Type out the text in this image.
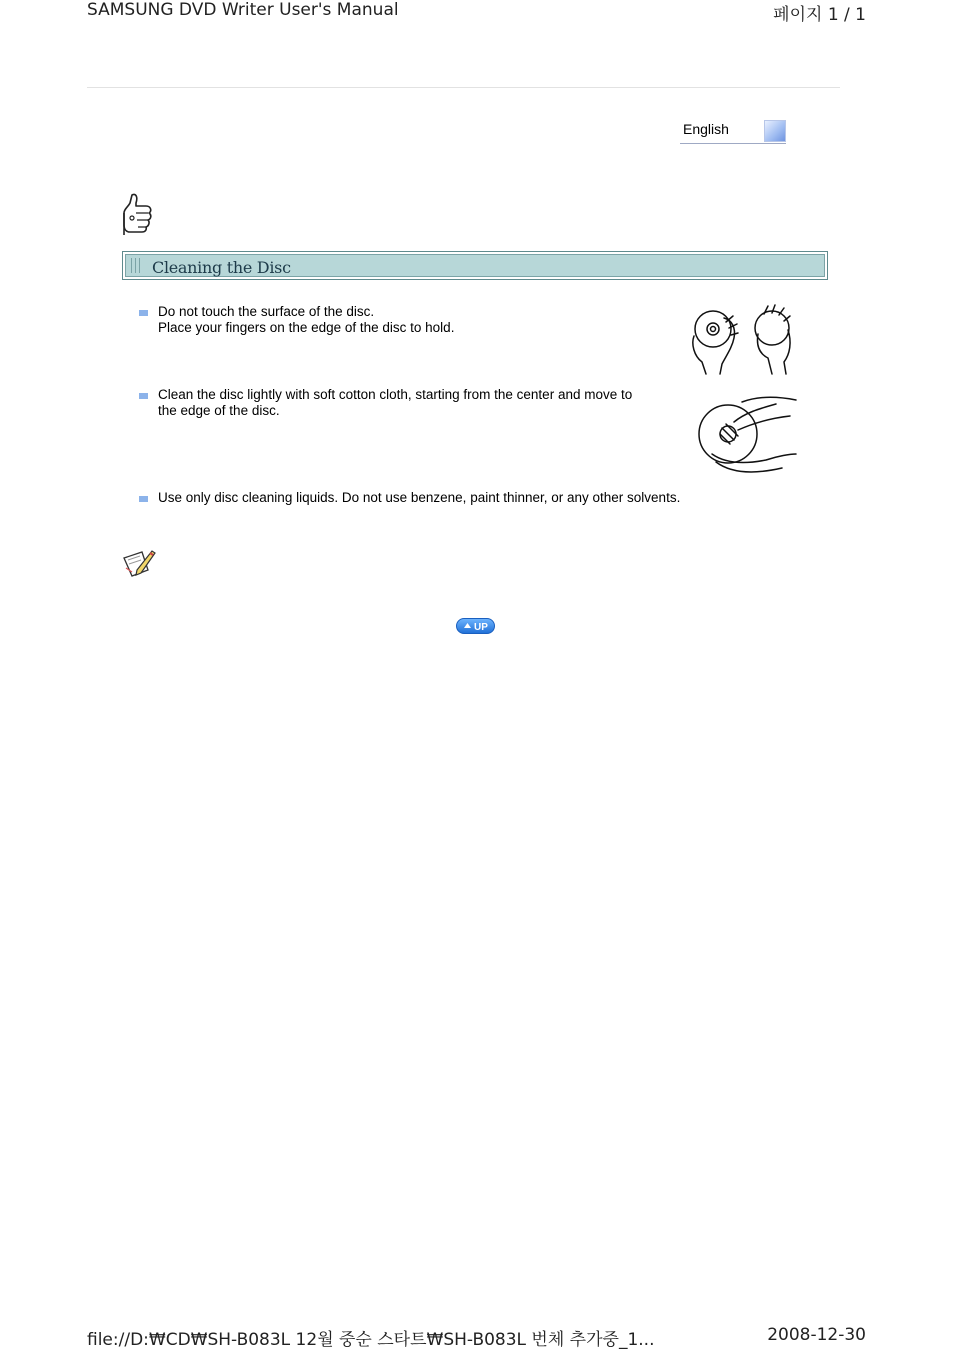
SAMSUNG DVD Writer User's Manual	페이지 1 / 1
English
Cleaning the Disc
Do not touch the surface of the disc.
Place your fingers on the edge of the disc to hold.
Clean the disc lightly with soft cotton cloth, starting from the center and move to
the edge of the disc.
Use only disc cleaning liquids. Do not use benzene, paint thinner, or any other solvents.
UP
file://D:₩CD₩SH-B083L 12월 중순 스타트₩SH-B083L 번체 추가중_1...	2008-12-30
